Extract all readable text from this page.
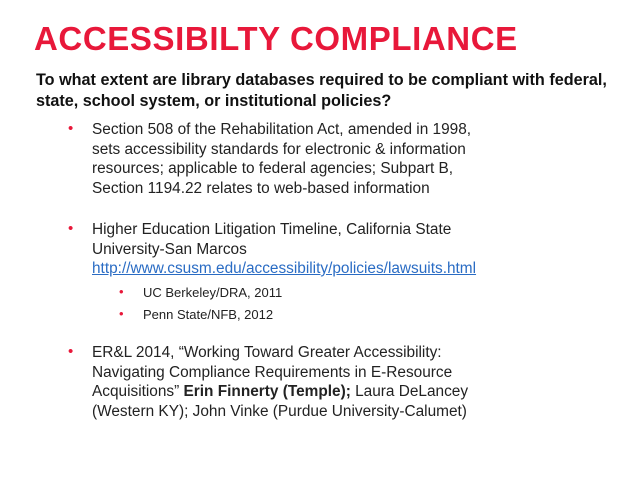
ACCESSIBILTY COMPLIANCE
To what extent are library databases required to be compliant with federal, state, school system, or institutional policies?
• Section 508 of the Rehabilitation Act, amended in 1998,
sets accessibility standards for electronic & information
resources; applicable to federal agencies; Subpart B,
Section 1194.22 relates to web-based information
• Higher Education Litigation Timeline, California State
University-San Marcos
http://www.csusm.edu/accessibility/policies/lawsuits.html
• UC Berkeley/DRA, 2011
• Penn State/NFB, 2012
• ER&L 2014, “Working Toward Greater Accessibility:
Navigating Compliance Requirements in E-Resource
Acquisitions” Erin Finnerty (Temple); Laura DeLancey
(Western KY); John Vinke (Purdue University-Calumet)
